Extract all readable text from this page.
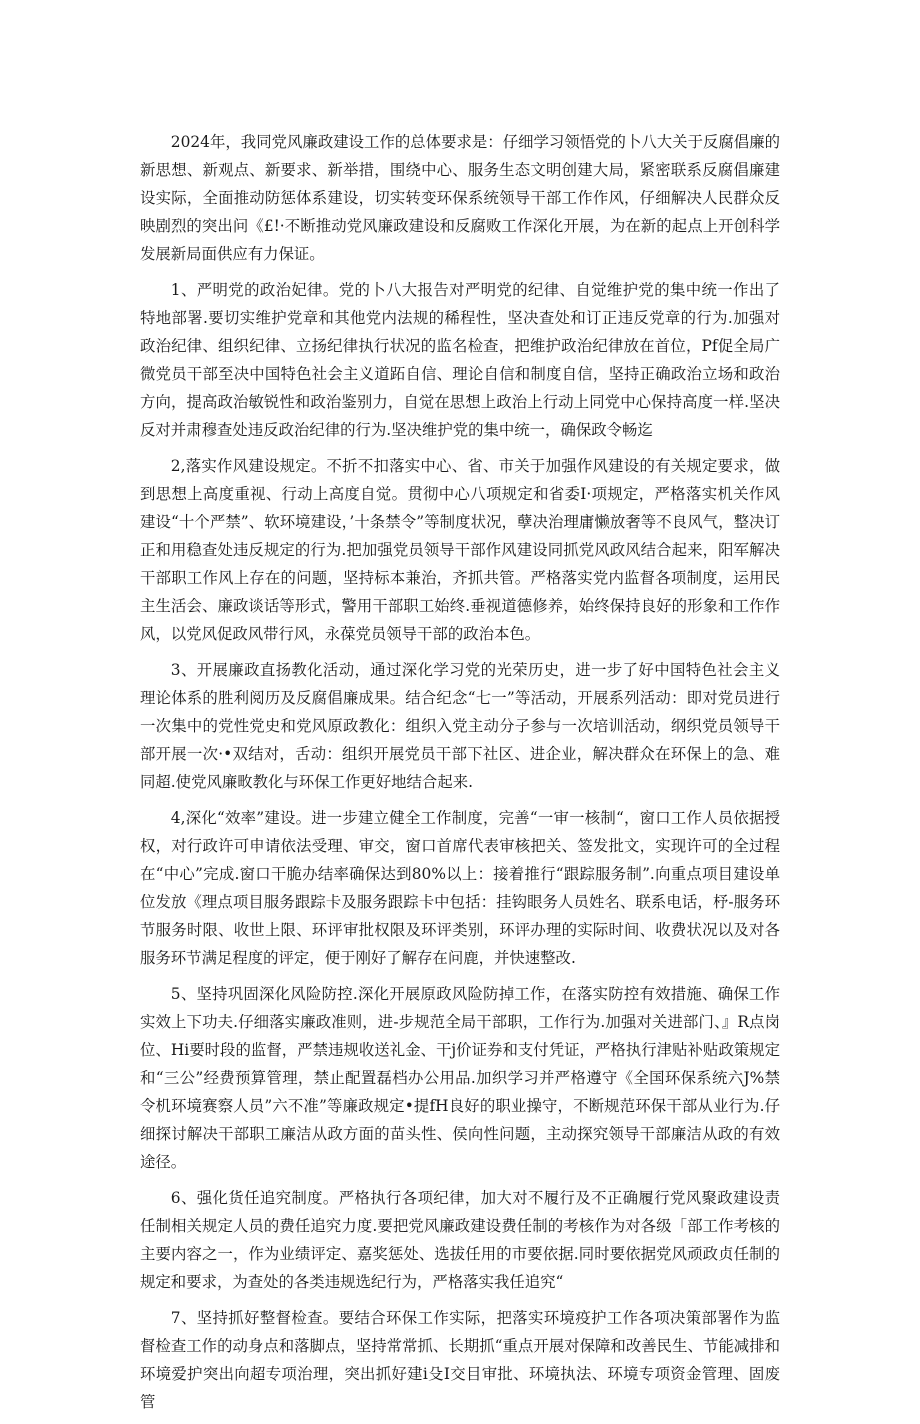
2024年，我同党风廉政建设工作的总体要求是：仔细学习领悟党的卜八大关于反腐倡廉的新思想、新观点、新要求、新举措，围绕中心、服务生态文明创建大局，紧密联系反腐倡廉建设实际，全面推动防惩体系建设，切实转变环保系统领导干部工作作风，仔细解决人民群众反映剧烈的突出问《£!·不断推动党风廉政建设和反腐败工作深化开展，为在新的起点上开创科学发展新局面供应有力保证。

1、严明党的政治妃律。党的卜八大报告对严明党的纪律、自觉维护党的集中统一作出了特地部署.要切实维护党章和其他党内法规的稀程性，坚决查处和订正违反党章的行为.加强对政治纪律、组织纪律、立扬纪律执行状况的监名检查，把维护政治纪律放在首位，Pf促全局广微党员干部至决中国特色社会主义道跖自信、理论自信和制度自信，坚持正确政治立场和政治方向，提高政治敏锐性和政治鉴别力，自觉在思想上政治上行动上同党中心保持高度一样.坚决反对并肃穆查处违反政治纪律的行为.坚决维护党的集中统一，确保政令畅迄

2,落实作风建设规定。不折不扣落实中心、省、市关于加强作风建设的有关规定要求，做到思想上高度重视、行动上高度自觉。贯彻中心八项规定和省委I·项规定，严格落实机关作风建设“十个严禁”、软环境建设，’十条禁令”等制度状况，孽决治理庸懒放奢等不良风气，整决订正和用稳查处违反规定的行为.把加强党员领导干部作风建设同抓党风政风结合起来，阳军解决干部职工作风上存在的问题，坚持标本兼治，齐抓共管。严格落实党内监督各项制度，运用民主生活会、廉政谈话等形式，警用干部职工始终.垂视道德修养，始终保持良好的形象和工作作风，以党风促政风带行风，永葆党员领导干部的政治本色。

3、开展廉政直扬教化活动，通过深化学习党的光荣历史，进一步了好中国特色社会主义理论体系的胜利阅历及反腐倡廉成果。结合纪念“七一”等活动，开展系列活动：即对党员进行一次集中的党性党史和党风原政教化：组织入党主动分子参与一次培训活动，纲织党员领导干部开展一次·•双结对，舌动：组织开展党员干部下社区、进企业，解决群众在环保上的急、难同超.使党风廉畋教化与环保工作更好地结合起来.

4,深化“效率”建设。进一步建立健全工作制度，完善“一审一核制“，窗口工作人员依据授权，对行政许可申请依法受理、审交，窗口首席代表审核把关、签发批文，实现许可的全过程在“中心”完成.窗口干脆办结率确保达到80%以上：接着推行“跟踪服务制”.向重点项目建设单位发放《理点项目服务跟踪卡及服务跟踪卡中包括：挂钩眼务人员姓名、联系电话，杼-服务环节服务时限、收世上限、环评审批权限及环评类别，环评办理的实际时间、收费状况以及对各服务环节满足程度的评定，便于刚好了解存在问鹿，并快速整改.

5、坚持巩固深化风险防控.深化开展原政风险防掉工作，在落实防控有效措施、确保工作实效上下功夫.仔细落实廉政准则，进-步规范全局干部职，工作行为.加强对关进部门、』R点岗位、Hi要时段的监督，严禁违规收送礼金、干j价证券和支付凭证，严格执行津贴补贴政策规定和“三公”经费预算管理，禁止配置磊档办公用品.加织学习并严格遵守《全国环保系统六J%禁令机环境赛察人员”六不准”等廉政规定•提fH良好的职业操守，不断规范环保干部从业行为.仔细探讨解决干部职工廉洁从政方面的苗头性、侯向性问题，主动探究领导干部廉洁从政的有效途径。

6、强化货任追究制度。严格执行各项纪律，加大对不履行及不正确履行党风聚政建设责任制相关规定人员的费任追究力度.要把党风廉政建设费任制的考核作为对各级「部工作考核的主要内容之一，作为业绩评定、嘉奖惩处、选拔任用的市要依据.同时要依据党风顽政贞任制的规定和要求，为查处的各类违规选纪行为，严格落实我任追究“

7、坚持抓好整督检查。要结合环保工作实际，把落实环境疫护工作各项决策部署作为监督检查工作的动身点和落脚点，坚持常常抓、长期抓“重点开展对保障和改善民生、节能减排和环境爱护突出向超专项治理，突出抓好建i殳I交目审批、环境执法、环境专项资金管理、固废管
